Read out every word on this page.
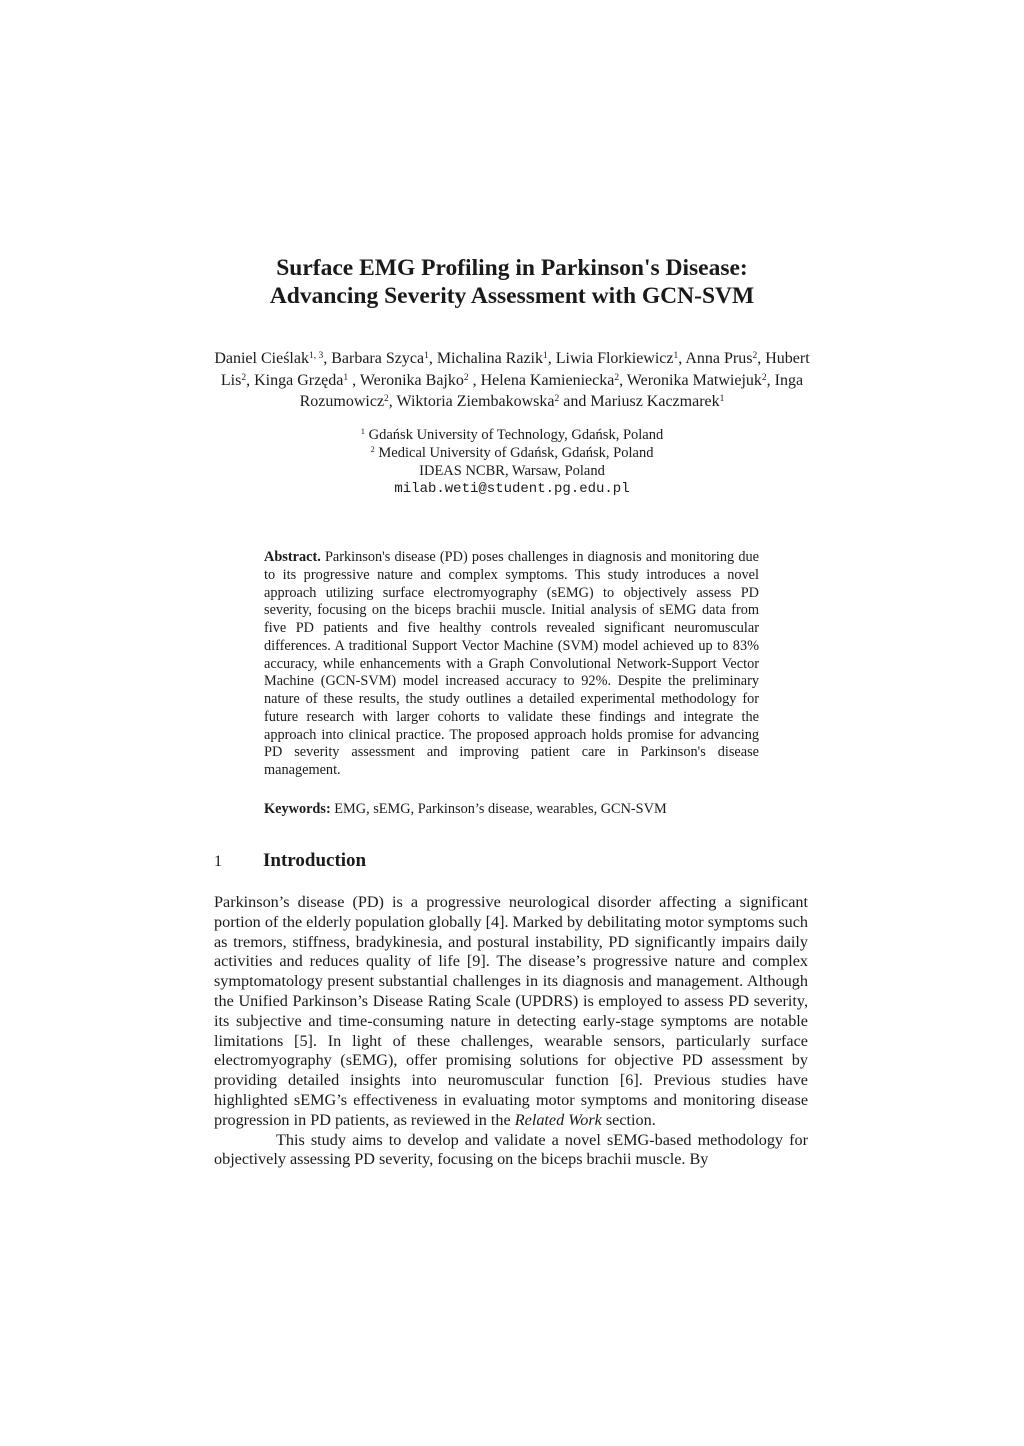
Surface EMG Profiling in Parkinson's Disease:
Advancing Severity Assessment with GCN-SVM
Daniel Cieślak$^{1, 3}$, Barbara Szyca$^1$, Michalina Razik$^1$, Liwia Florkiewicz$^1$, Anna Prus$^2$, Hubert Lis$^2$, Kinga Grzęda$^1$ , Weronika Bajko$^2$ , Helena Kamieniecka$^2$, Weronika Matwiejuk$^2$, Inga Rozumowicz$^2$, Wiktoria Ziembakowska$^2$ and Mariusz Kaczmarek$^1$
$^1$ Gdańsk University of Technology, Gdańsk, Poland
$^2$ Medical University of Gdańsk, Gdańsk, Poland
IDEAS NCBR, Warsaw, Poland
milab.weti@student.pg.edu.pl

Abstract. Parkinson's disease (PD) poses challenges in diagnosis and monitoring due to its progressive nature and complex symptoms. This study introduces a novel approach utilizing surface electromyography (sEMG) to objectively assess PD severity, focusing on the biceps brachii muscle. Initial analysis of sEMG data from five PD patients and five healthy controls revealed significant neuromuscular differences. A traditional Support Vector Machine (SVM) model achieved up to 83% accuracy, while enhancements with a Graph Convolutional Network-Support Vector Machine (GCN-SVM) model increased accuracy to 92%. Despite the preliminary nature of these results, the study outlines a detailed experimental methodology for future research with larger cohorts to validate these findings and integrate the approach into clinical practice. The proposed approach holds promise for advancing PD severity assessment and improving patient care in Parkinson's disease management.

Keywords: EMG, sEMG, Parkinson’s disease, wearables, GCN-SVM
1 Introduction

Parkinson’s disease (PD) is a progressive neurological disorder affecting a significant portion of the elderly population globally [4]. Marked by debilitating motor symptoms such as tremors, stiffness, bradykinesia, and postural instability, PD significantly impairs daily activities and reduces quality of life [9]. The disease’s progressive nature and complex symptomatology present substantial challenges in its diagnosis and management. Although the Unified Parkinson’s Disease Rating Scale (UPDRS) is employed to assess PD severity, its subjective and time-consuming nature in detecting early-stage symptoms are notable limitations [5]. In light of these challenges, wearable sensors, particularly surface electromyography (sEMG), offer promising solutions for objective PD assessment by providing detailed insights into neuromuscular function [6]. Previous studies have highlighted sEMG’s effectiveness in evaluating motor symptoms and monitoring disease progression in PD patients, as reviewed in the Related Work section.

This study aims to develop and validate a novel sEMG-based methodology for objectively assessing PD severity, focusing on the biceps brachii muscle. By
